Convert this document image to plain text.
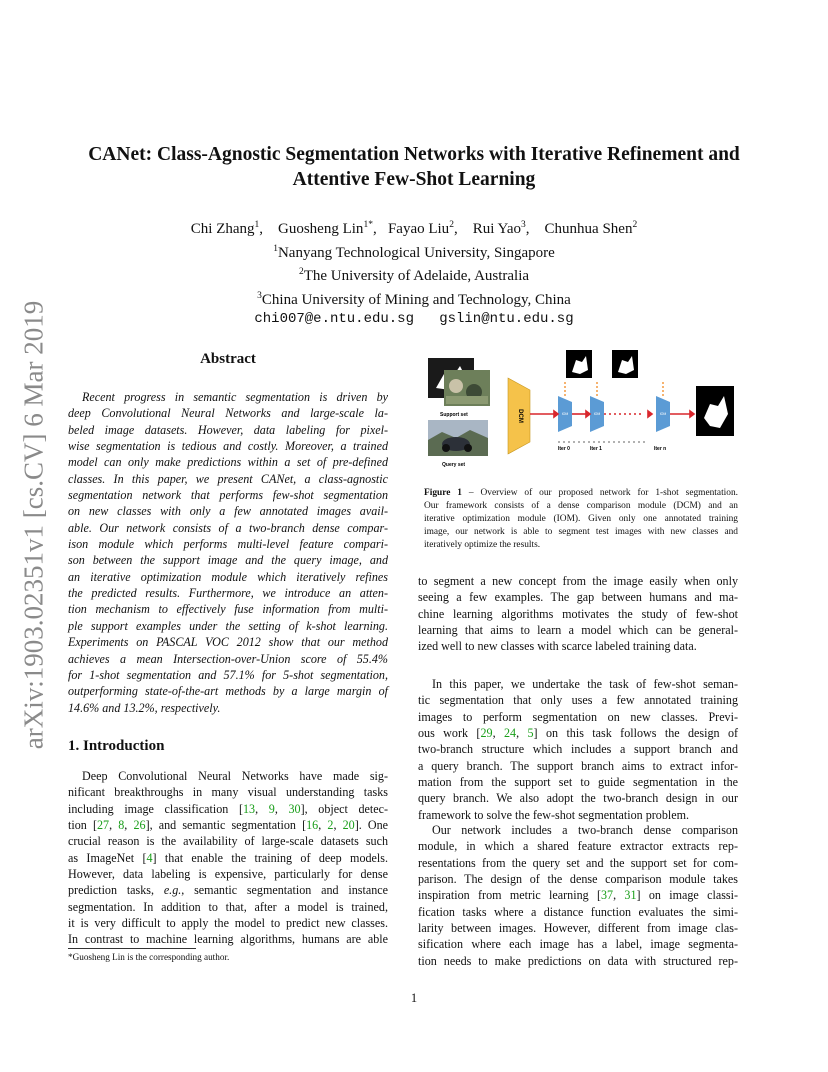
arXiv:1903.02351v1 [cs.CV] 6 Mar 2019
CANet: Class-Agnostic Segmentation Networks with Iterative Refinement and
Attentive Few-Shot Learning
Chi Zhang$^1$,    Guosheng Lin$^{1*}$,   Fayao Liu$^2$,    Rui Yao$^3$,    Chunhua Shen$^2$
$^1$Nanyang Technological University, Singapore
$^2$The University of Adelaide, Australia
$^3$China University of Mining and Technology, China
chi007@e.ntu.edu.sg   gslin@ntu.edu.sg
Abstract
Recent progress in semantic segmentation is driven by
deep Convolutional Neural Networks and large-scale la-
beled image datasets. However, data labeling for pixel-
wise segmentation is tedious and costly. Moreover, a trained
model can only make predictions within a set of pre-defined
classes. In this paper, we present CANet, a class-agnostic
segmentation network that performs few-shot segmentation
on new classes with only a few annotated images avail-
able. Our network consists of a two-branch dense compar-
ison module which performs multi-level feature compari-
son between the support image and the query image, and
an iterative optimization module which iteratively refines
the predicted results. Furthermore, we introduce an atten-
tion mechanism to effectively fuse information from multi-
ple support examples under the setting of k-shot learning.
Experiments on PASCAL VOC 2012 show that our method
achieves a mean Intersection-over-Union score of 55.4%
for 1-shot segmentation and 57.1% for 5-shot segmentation,
outperforming state-of-the-art methods by a large margin of
14.6% and 13.2%, respectively.
1. Introduction
Deep Convolutional Neural Networks have made sig-
nificant breakthroughs in many visual understanding tasks
including image classification [13, 9, 30], object detec-
tion [27, 8, 26], and semantic segmentation [16, 2, 20]. One
crucial reason is the availability of large-scale datasets such
as ImageNet [4] that enable the training of deep models.
However, data labeling is expensive, particularly for dense
prediction tasks, e.g., semantic segmentation and instance
segmentation. In addition to that, after a model is trained,
it is very difficult to apply the model to predict new classes.
In contrast to machine learning algorithms, humans are able
*Guosheng Lin is the corresponding author.
Support set
Query set
DCM	IOM	IOM	IOM
Iter 0	Iter 1	Iter n
Figure 1 – Overview of our proposed network for 1-shot segmentation.
Our framework consists of a dense comparison module (DCM) and an
iterative optimization module (IOM). Given only one annotated training
image, our network is able to segment test images with new classes and
iteratively optimize the results.
to segment a new concept from the image easily when only
seeing a few examples. The gap between humans and ma-
chine learning algorithms motivates the study of few-shot
learning that aims to learn a model which can be general-
ized well to new classes with scarce labeled training data.
In this paper, we undertake the task of few-shot seman-
tic segmentation that only uses a few annotated training
images to perform segmentation on new classes. Previ-
ous work [29, 24, 5] on this task follows the design of
two-branch structure which includes a support branch and
a query branch. The support branch aims to extract infor-
mation from the support set to guide segmentation in the
query branch. We also adopt the two-branch design in our
framework to solve the few-shot segmentation problem.
Our network includes a two-branch dense comparison
module, in which a shared feature extractor extracts rep-
resentations from the query set and the support set for com-
parison. The design of the dense comparison module takes
inspiration from metric learning [37, 31] on image classi-
fication tasks where a distance function evaluates the simi-
larity between images. However, different from image clas-
sification where each image has a label, image segmenta-
tion needs to make predictions on data with structured rep-
1
